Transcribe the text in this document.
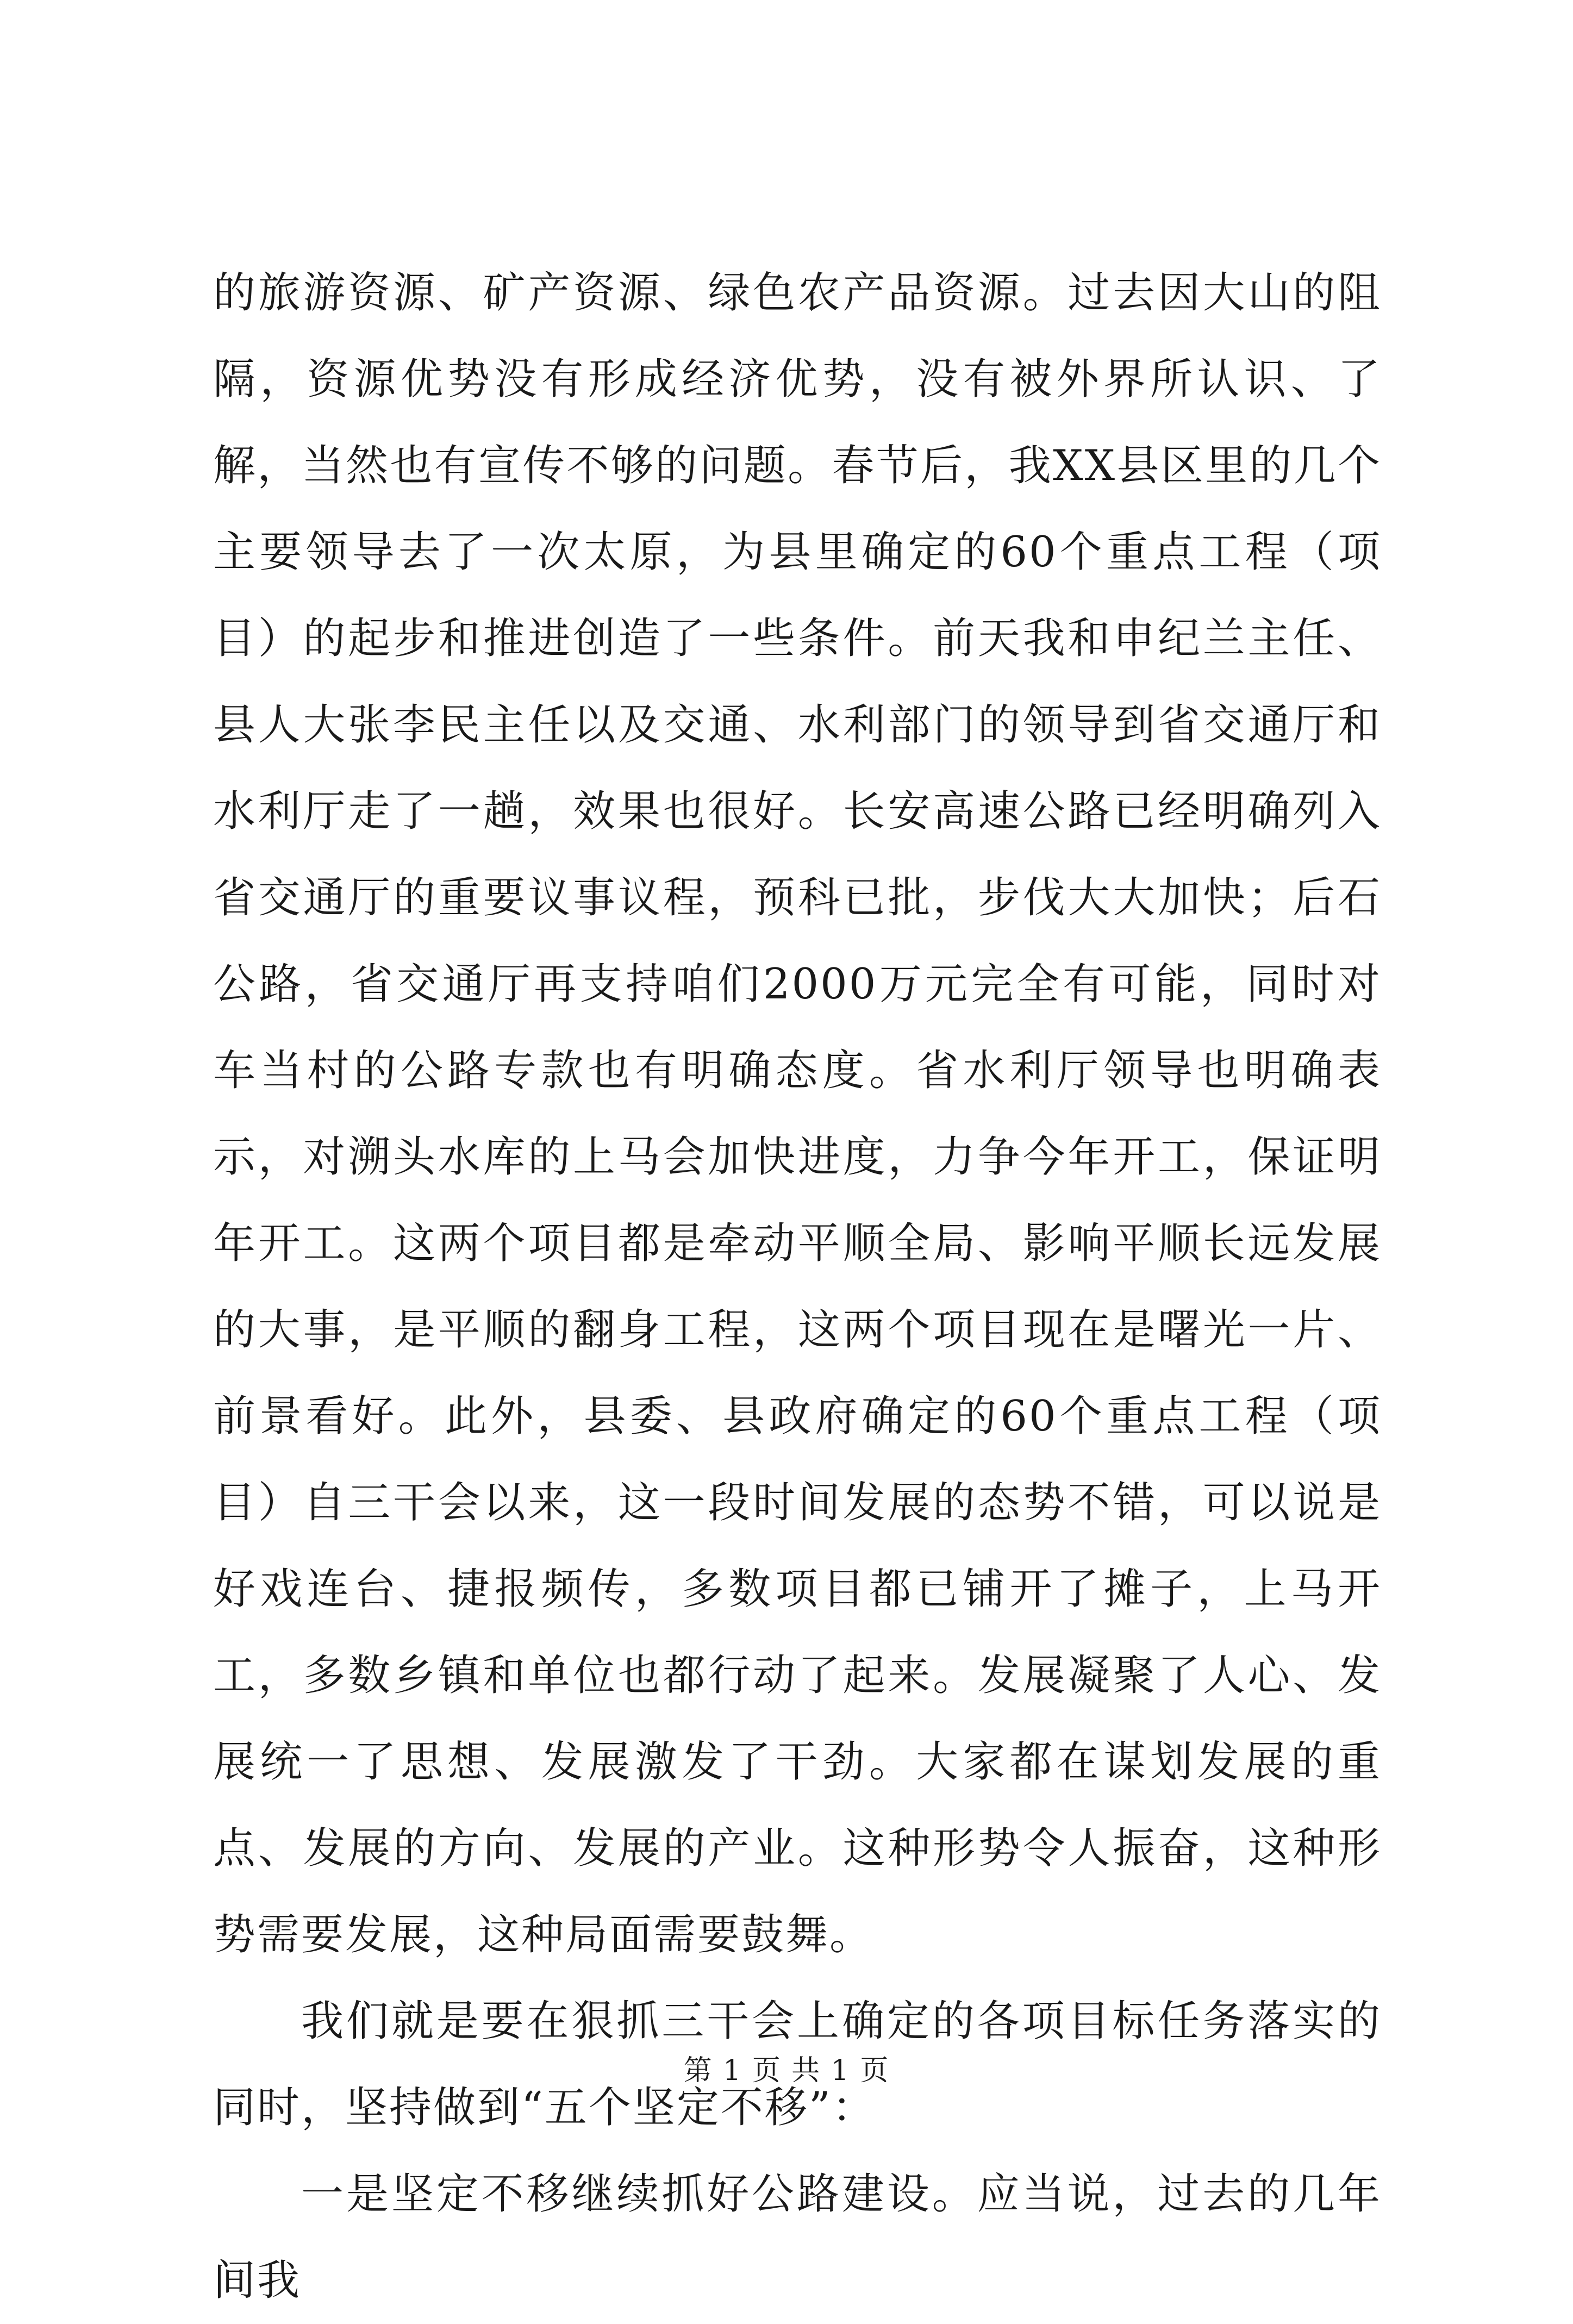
的旅游资源、矿产资源、绿色农产品资源。过去因大山的阻隔，资源优势没有形成经济优势，没有被外界所认识、了解，当然也有宣传不够的问题。春节后，我XX县区里的几个主要领导去了一次太原，为县里确定的60个重点工程（项目）的起步和推进创造了一些条件。前天我和申纪兰主任、县人大张李民主任以及交通、水利部门的领导到省交通厅和水利厅走了一趟，效果也很好。长安高速公路已经明确列入省交通厅的重要议事议程，预科已批，步伐大大加快；后石公路，省交通厅再支持咱们2000万元完全有可能，同时对车当村的公路专款也有明确态度。省水利厅领导也明确表示，对溯头水库的上马会加快进度，力争今年开工，保证明年开工。这两个项目都是牵动平顺全局、影响平顺长远发展的大事，是平顺的翻身工程，这两个项目现在是曙光一片、前景看好。此外，县委、县政府确定的60个重点工程（项目）自三干会以来，这一段时间发展的态势不错，可以说是好戏连台、捷报频传，多数项目都已铺开了摊子，上马开工，多数乡镇和单位也都行动了起来。发展凝聚了人心、发展统一了思想、发展激发了干劲。大家都在谋划发展的重点、发展的方向、发展的产业。这种形势令人振奋，这种形势需要发展，这种局面需要鼓舞。

我们就是要在狠抓三干会上确定的各项目标任务落实的同时，坚持做到“五个坚定不移”：

一是坚定不移继续抓好公路建设。应当说，过去的几年间我

第 1 页 共 1 页
